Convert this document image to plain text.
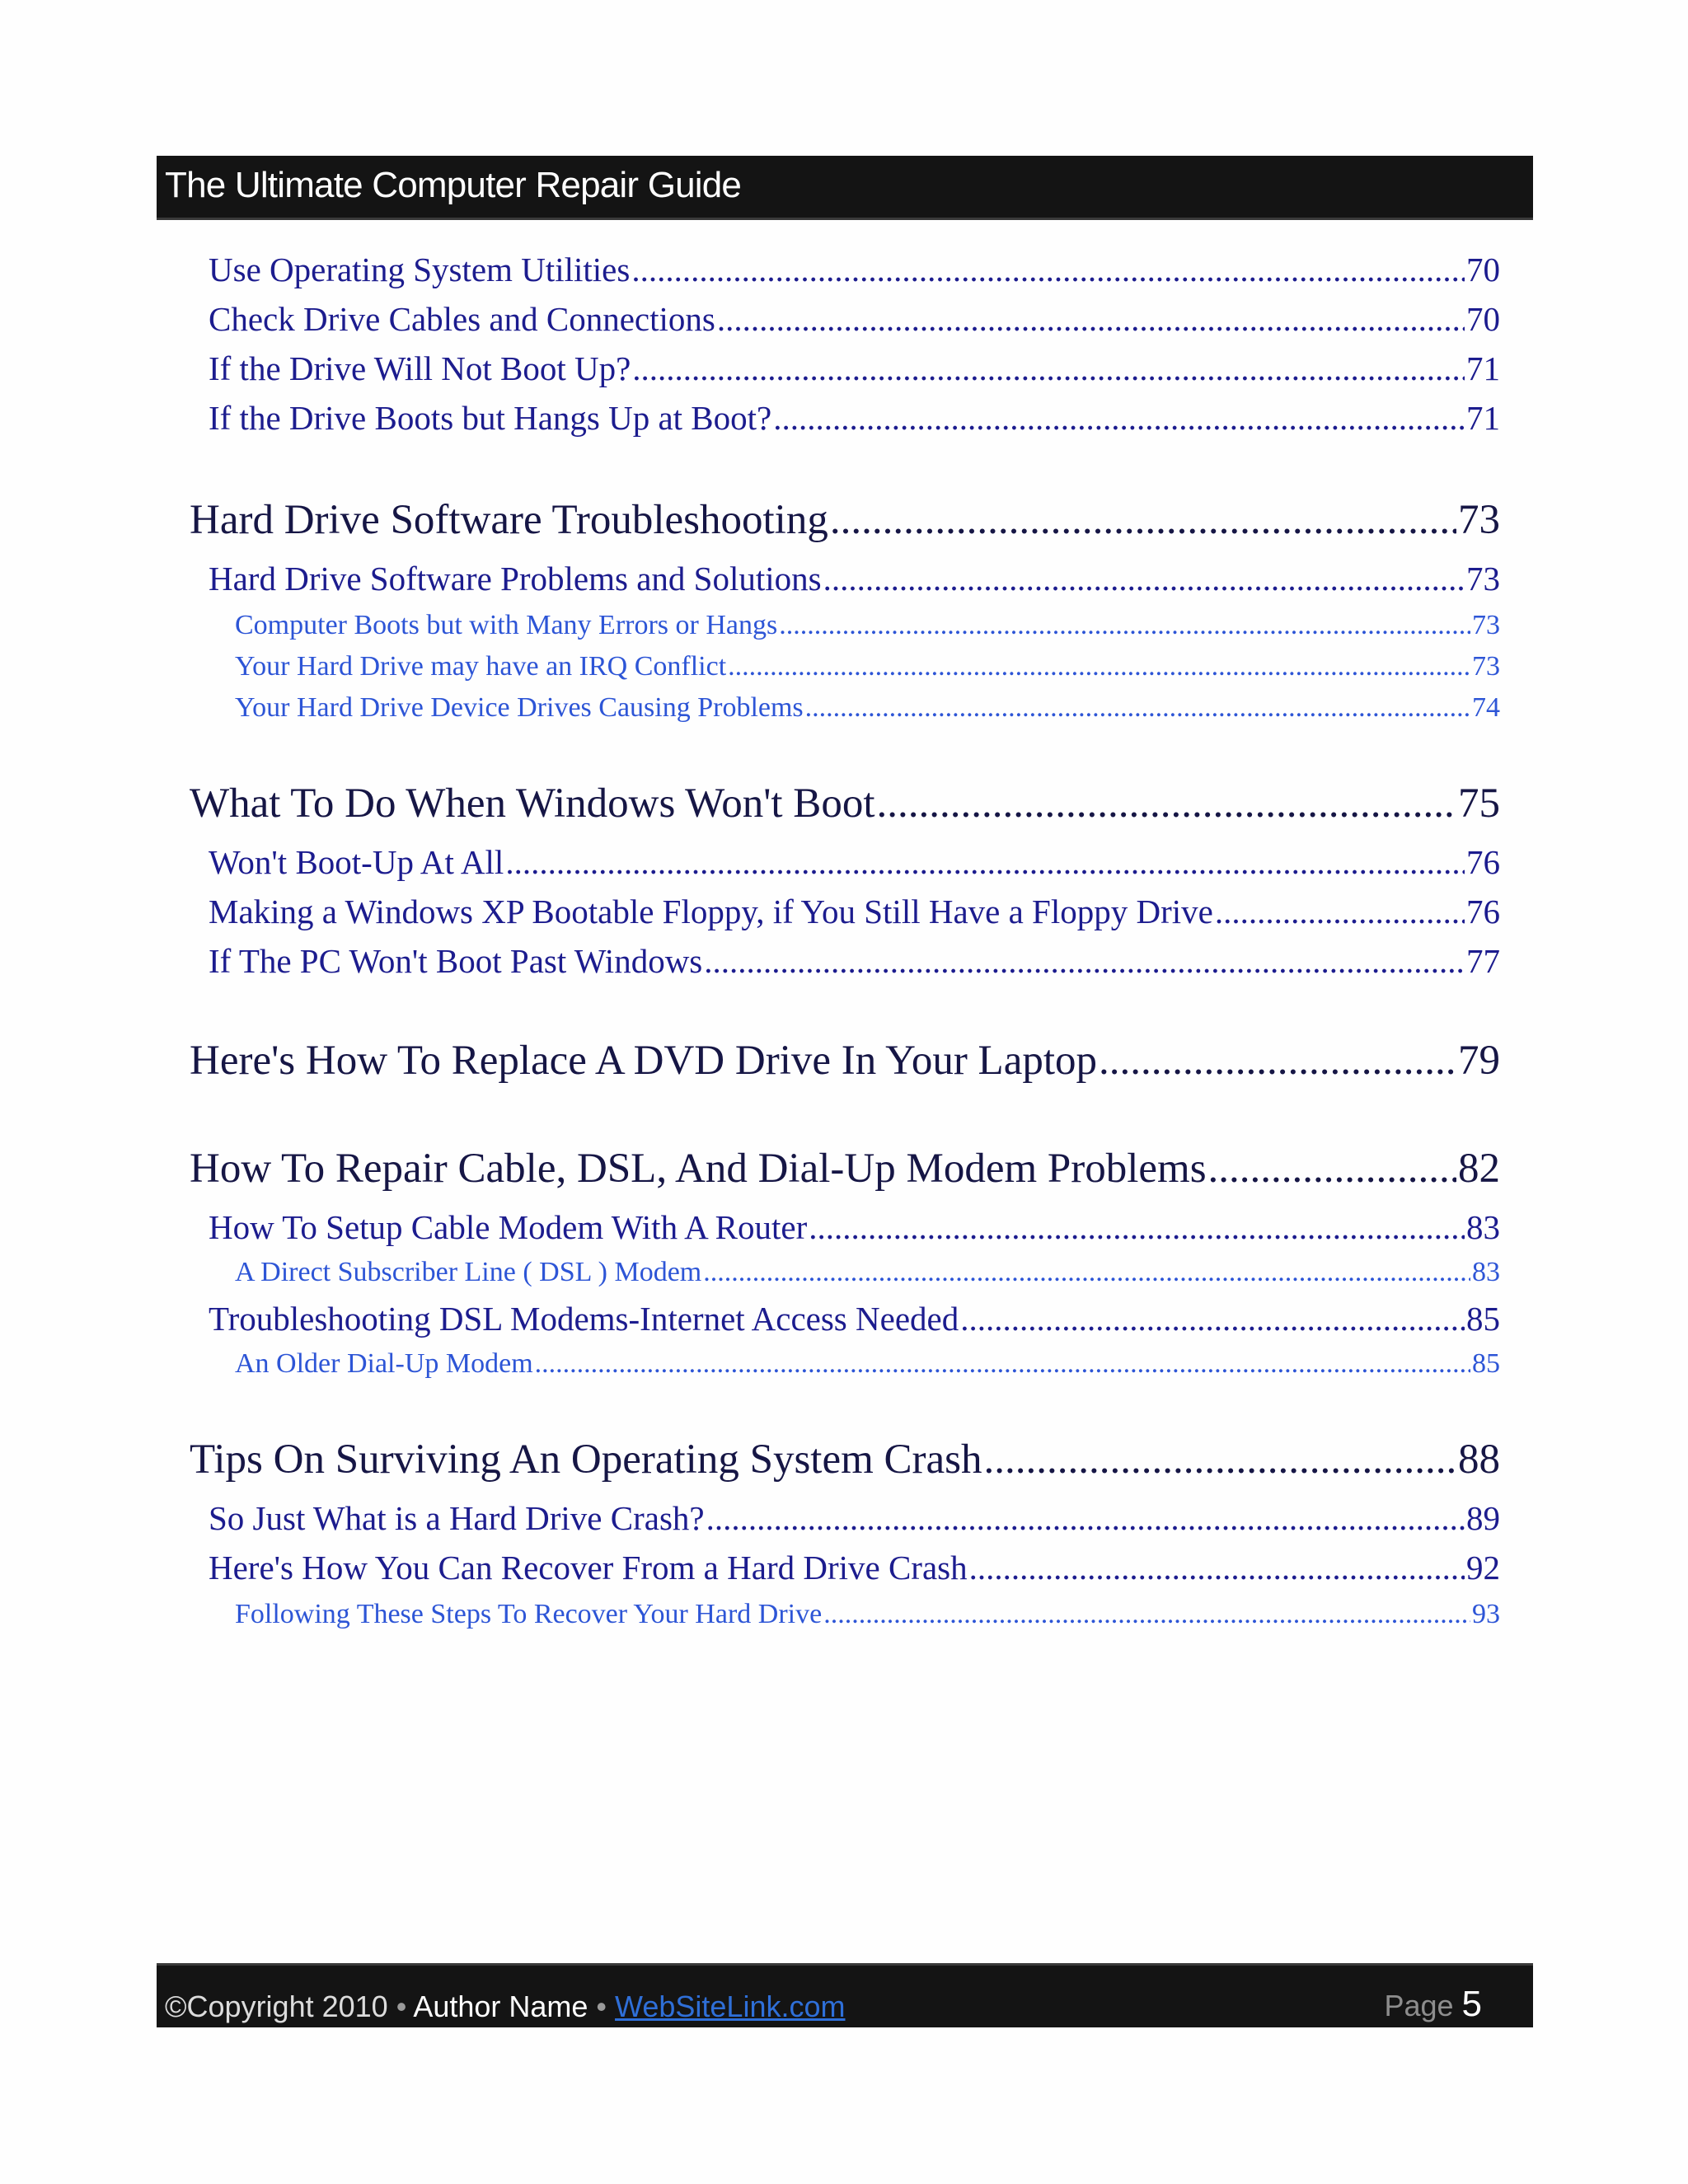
The Ultimate Computer Repair Guide
Use Operating System Utilities .....	70
Check Drive Cables and Connections .....	70
If the Drive Will Not Boot Up? .....	71
If the Drive Boots but Hangs Up at Boot? .....	71
Hard Drive Software Troubleshooting .....	73
Hard Drive Software Problems and Solutions .....	73
Computer Boots but with Many Errors or Hangs .....	73
Your Hard Drive may have an IRQ Conflict .....	73
Your Hard Drive Device Drives Causing Problems .....	74
What To Do When Windows Won't Boot .....	75
Won't Boot-Up At All .....	76
Making a Windows XP Bootable Floppy, if You Still Have a Floppy Drive .....	76
If The PC Won't Boot Past Windows .....	77
Here's How To Replace A DVD Drive In Your Laptop .....	79
How To Repair Cable, DSL, And Dial-Up Modem Problems .....	82
How To Setup Cable Modem With A Router .....	83
A Direct Subscriber Line ( DSL ) Modem .....	83
Troubleshooting DSL Modems-Internet Access Needed .....	85
An Older Dial-Up Modem .....	85
Tips On Surviving An Operating System Crash .....	88
So Just What is a Hard Drive Crash? .....	89
Here's How You Can Recover From a Hard Drive Crash .....	92
Following These Steps To Recover Your Hard Drive .....	93
©Copyright 2010 • Author Name • WebSiteLink.com	Page 5
